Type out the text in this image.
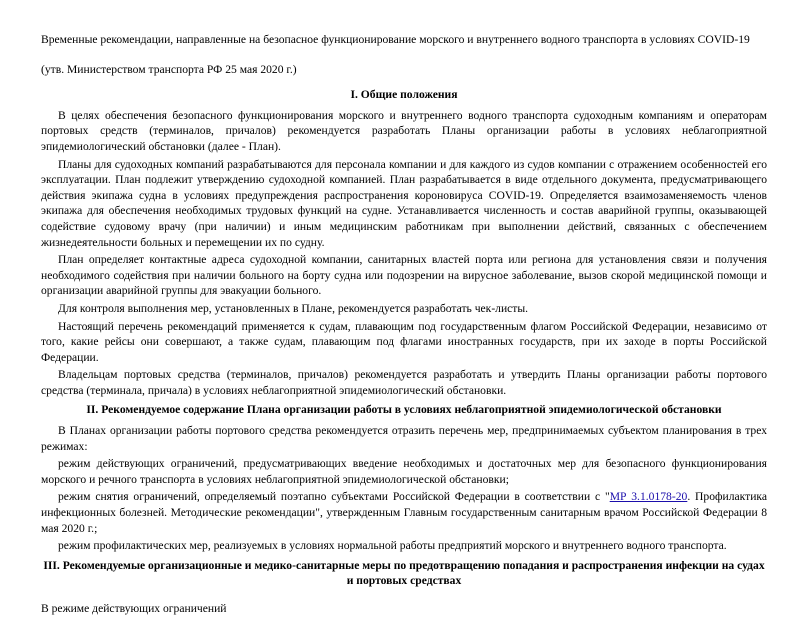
Временные рекомендации, направленные на безопасное функционирование морского и внутреннего водного транспорта в условиях COVID-19
(утв. Министерством транспорта РФ 25 мая 2020 г.)
I. Общие положения

В целях обеспечения безопасного функционирования морского и внутреннего водного транспорта судоходным компаниям и операторам портовых средств (терминалов, причалов) рекомендуется разработать Планы организации работы в условиях неблагоприятной эпидемиологический обстановки (далее - План).

Планы для судоходных компаний разрабатываются для персонала компании и для каждого из судов компании с отражением особенностей его эксплуатации. План подлежит утверждению судоходной компанией. План разрабатывается в виде отдельного документа, предусматривающего действия экипажа судна в условиях предупреждения распространения короновируса COVID-19. Определяется взаимозаменяемость членов экипажа для обеспечения необходимых трудовых функций на судне. Устанавливается численность и состав аварийной группы, оказывающей содействие судовому врачу (при наличии) и иным медицинским работникам при выполнении действий, связанных с обеспечением жизнедеятельности больных и перемещении их по судну.

План определяет контактные адреса судоходной компании, санитарных властей порта или региона для установления связи и получения необходимого содействия при наличии больного на борту судна или подозрении на вирусное заболевание, вызов скорой медицинской помощи и организации аварийной группы для эвакуации больного.

Для контроля выполнения мер, установленных в Плане, рекомендуется разработать чек-листы.

Настоящий перечень рекомендаций применяется к судам, плавающим под государственным флагом Российской Федерации, независимо от того, какие рейсы они совершают, а также судам, плавающим под флагами иностранных государств, при их заходе в порты Российской Федерации.

Владельцам портовых средства (терминалов, причалов) рекомендуется разработать и утвердить Планы организации работы портового средства (терминала, причала) в условиях неблагоприятной эпидемиологический обстановки.

II. Рекомендуемое содержание Плана организации работы в условиях неблагоприятной эпидемиологической обстановки

В Планах организации работы портового средства рекомендуется отразить перечень мер, предпринимаемых субъектом планирования в трех режимах:

режим действующих ограничений, предусматривающих введение необходимых и достаточных мер для безопасного функционирования морского и речного транспорта в условиях неблагоприятной эпидемиологической обстановки;

режим снятия ограничений, определяемый поэтапно субъектами Российской Федерации в соответствии с "МР 3.1.0178-20. Профилактика инфекционных болезней. Методические рекомендации", утвержденным Главным государственным санитарным врачом Российской Федерации 8 мая 2020 г.;

режим профилактических мер, реализуемых в условиях нормальной работы предприятий морского и внутреннего водного транспорта.

III. Рекомендуемые организационные и медико-санитарные меры по предотвращению попадания и распространения инфекции на судах и портовых средствах

В режиме действующих ограничений
